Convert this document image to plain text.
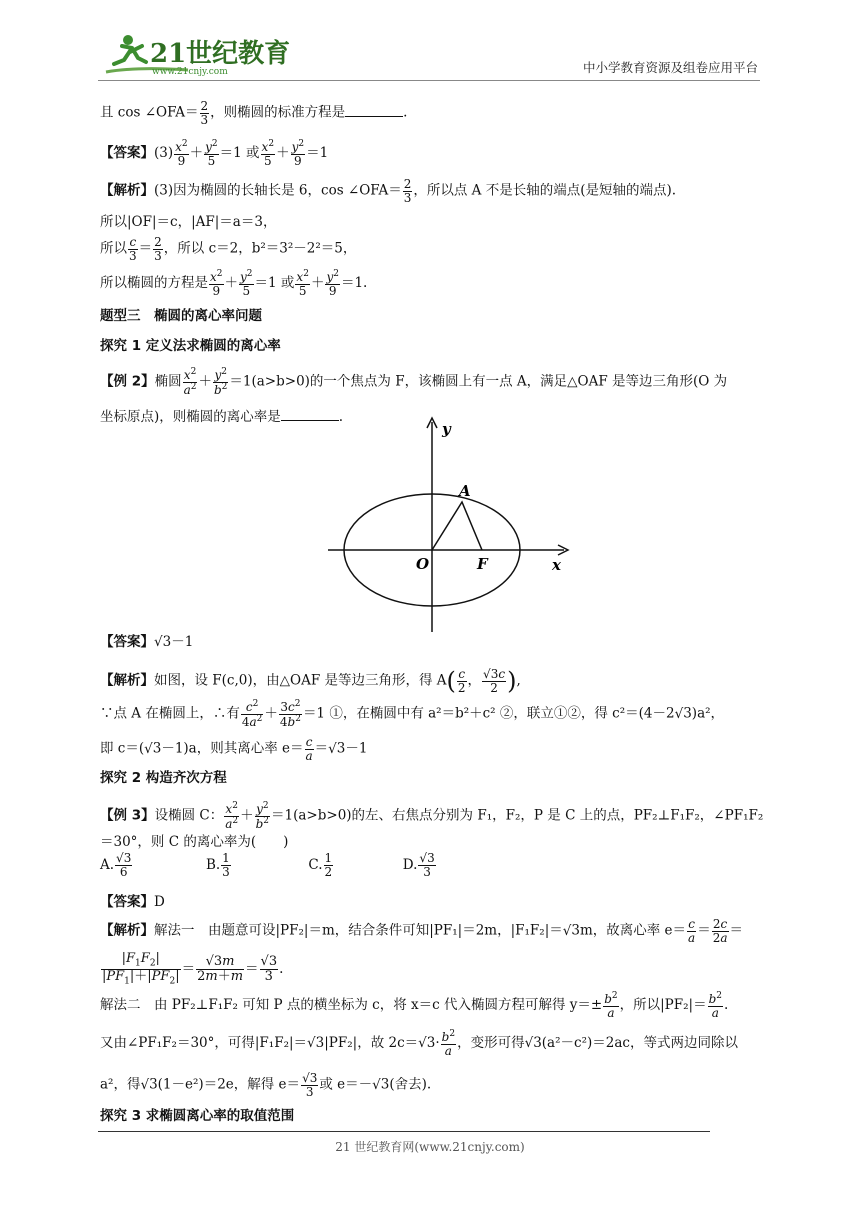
21世纪教育
www.21cnjy.com	中小学教育资源及组卷应用平台
且 cos ∠OFA＝ $\frac{2}{3}$ ，则椭圆的标准方程是	.
【答案】$(3) \frac{x^2}{9} + \frac{y^2}{5} =1$ 或 $\frac{x^2}{5} + \frac{y^2}{9} =1$
【解析】(3)因为椭圆的长轴长是 6，cos ∠OFA＝ $\frac{2}{3}$ ，所以点 A 不是长轴的端点(是短轴的端点).
所以|OF|＝c，|AF|＝a＝3，
所以 $\frac{c}{3} = \frac{2}{3}$ ，所以 c＝2，b²＝3²－2²＝5，
所以椭圆的方程是 $\frac{x^2}{9} + \frac{y^2}{5} =1$ 或 $\frac{x^2}{5} + \frac{y^2}{9} =1$.
题型三　椭圆的离心率问题
探究 1 定义法求椭圆的离心率
【例 2】椭圆 $\frac{x^2}{a^2} + \frac{y^2}{b^2} =1(a>b>0)$的一个焦点为 F，该椭圆上有一点 A，满足△OAF 是等边三角形(O 为
坐标原点)，则椭圆的离心率是	.
y
x
O
A
F
【答案】 √ 3－1
【解析】如图，设 F(c,0)，由△OAF 是等边三角形，得 $A( \frac{c}{2}$ ， √ $\frac{3c}{2}$ ),
∵点 A 在椭圆上，∴有 $\frac{c^2}{4a^2} + \frac{3c^2}{4b^2} =1$ ①，在椭圆中有 a²＝b²＋c² ②，联立①②，得 c²＝(4－2 √ 3)a²，
即 c＝( √ 3－1)a，则其离心率 $e= \frac{c}{a}$ ＝ √ 3－1
探究 2 构造齐次方程
【例 3】设椭圆 C： $\frac{x^2}{a^2} + \frac{y^2}{b^2} =1(a>b>0)$的左、右焦点分别为 F₁，F₂，P 是 C 上的点，PF₂⊥F₁F₂，∠PF₁F₂
＝30°，则 C 的离心率为(　　)
A. √ $\frac{3}{6}$	B. $\frac{1}{3}$	C. $\frac{1}{2}$	D. √ $\frac{3}{3}$
【答案】D
【解析】解法一　由题意可设|PF₂|＝m，结合条件可知|PF₁|＝2m，|F₁F₂|＝ √ 3m，故离心率 $e= \frac{c}{a} = \frac{2c}{2a}$ ＝
$\frac{|F_1F_2|}{|PF_1|+|PF_2|}$ ＝ √ $\frac{3m}{2m+m}$ ＝ √ $\frac{3}{3}$ .
解法二　由 PF₂⊥F₁F₂ 可知 P 点的横坐标为 c，将 x＝c 代入椭圆方程可解得 $y=\pm \frac{b^2}{a}$ ，所以$|PF_2|= \frac{b^2}{a}$ .
又由∠PF₁F₂＝30°，可得|F₁F₂|＝ √ 3|PF₂|，故 2c＝ √ $3\cdot \frac{b^2}{a}$ ，变形可得 √ 3(a²－c²)＝2ac，等式两边同除以
a²，得 √ 3(1－e²)＝2e，解得 e＝ √ $\frac{3}{3}$ 或 e＝－ √ 3(舍去).
探究 3 求椭圆离心率的取值范围
21 世纪教育网(www.21cnjy.com)
